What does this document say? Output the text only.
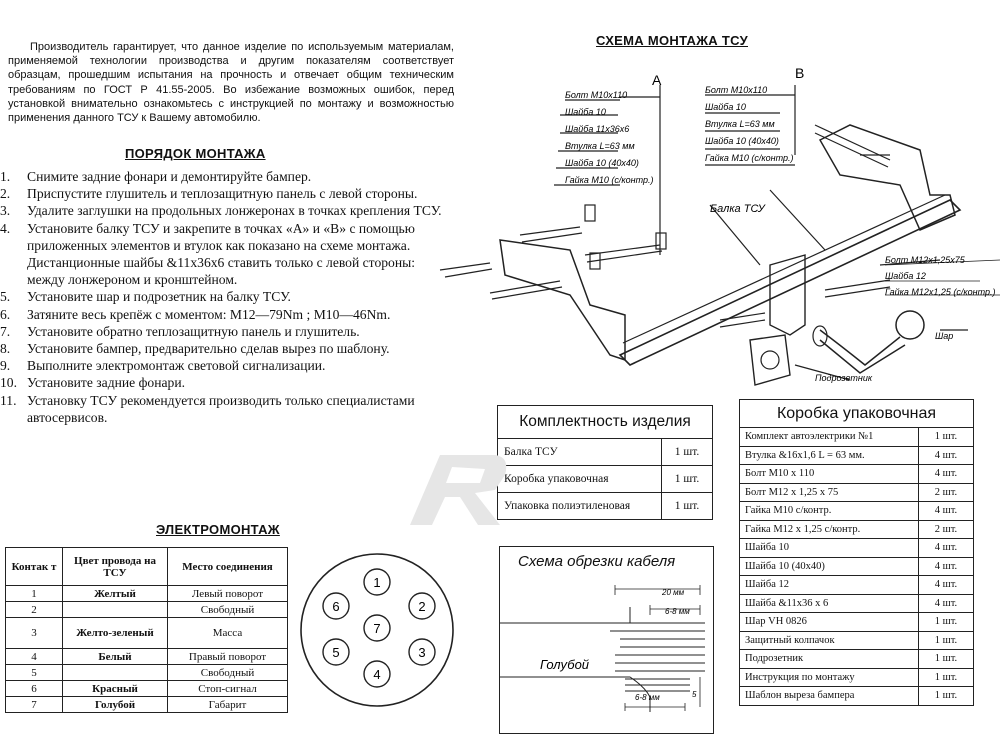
Производитель гарантирует, что данное изделие по используемым материалам, применяемой технологии производства и другим показателям соответствует образцам, прошедшим испытания на прочность и отвечает общим техническим требованиям по ГОСТ Р 41.55-2005. Во избежание возможных ошибок, перед установкой внимательно ознакомьтесь с инструкцией по монтажу и возможностью применения данного ТСУ к Вашему автомобилю.
ПОРЯДОК МОНТАЖА
1. Снимите задние фонари и демонтируйте бампер.
2. Приспустите глушитель и теплозащитную панель с левой стороны.
3. Удалите заглушки на продольных лонжеронах в точках крепления ТСУ.
4. Установите балку ТСУ и закрепите в точках «А» и «В» с помощью приложенных элементов и втулок как показано на схеме монтажа. Дистанционные шайбы &11х36х6 ставить только с левой стороны: между лонжероном и кронштейном.
5. Установите шар и подрозетник на балку ТСУ.
6. Затяните весь крепёж с моментом: M12—79Nm ; M10—46Nm.
7. Установите обратно теплозащитную панель и глушитель.
8. Установите бампер, предварительно сделав вырез по шаблону.
9. Выполните электромонтаж световой сигнализации.
10. Установите задние фонари.
11. Установку ТСУ рекомендуется производить только специалистами автосервисов.
ЭЛЕКТРОМОНТАЖ
Контак т	Цвет провода на ТСУ	Место соединения
1	Желтый	Левый поворот
2		Свободный
3	Желто-зеленый	Масса
4	Белый	Правый поворот
5		Свободный
6	Красный	Стоп-сигнал
7	Голубой	Габарит
1
2
3
4
5
6
7
СХЕМА МОНТАЖА ТСУ
A	B
Болт М10х110
Шайба 10
Шайба 11х36х6
Втулка L=63 мм
Шайба 10 (40х40)
Гайка М10 (с/контр.)
Болт М10х110
Шайба 10
Втулка L=63 мм
Шайба 10 (40х40)
Гайка М10 (с/контр.)
Балка ТСУ
Болт М12х1,25х75
Шайба 12
Гайка М12х1,25 (с/контр.)
Шар
Подрозетник
Комплектность изделия	
Балка ТСУ	1 шт.
Коробка упаковочная	1 шт.
Упаковка полиэтиленовая	1 шт.
Коробка упаковочная	
Комплект автоэлектрики №1	1 шт.
Втулка &16х1,6 L = 63 мм.	4 шт.
Болт М10 х 110	4 шт.
Болт М12 х 1,25 х 75	2 шт.
Гайка М10 с/контр.	4 шт.
Гайка М12 х 1,25 с/контр.	2 шт.
Шайба 10	4 шт.
Шайба 10 (40х40)	4 шт.
Шайба 12	4 шт.
Шайба &11х36 х 6	4 шт.
Шар VH 0826	1 шт.
Защитный колпачок	1 шт.
Подрозетник	1 шт.
Инструкция по монтажу	1 шт.
Шаблон выреза бампера	1 шт.
Схема обрезки кабеля
20 мм
6-8 мм
6-8 мм	5
Голубой
